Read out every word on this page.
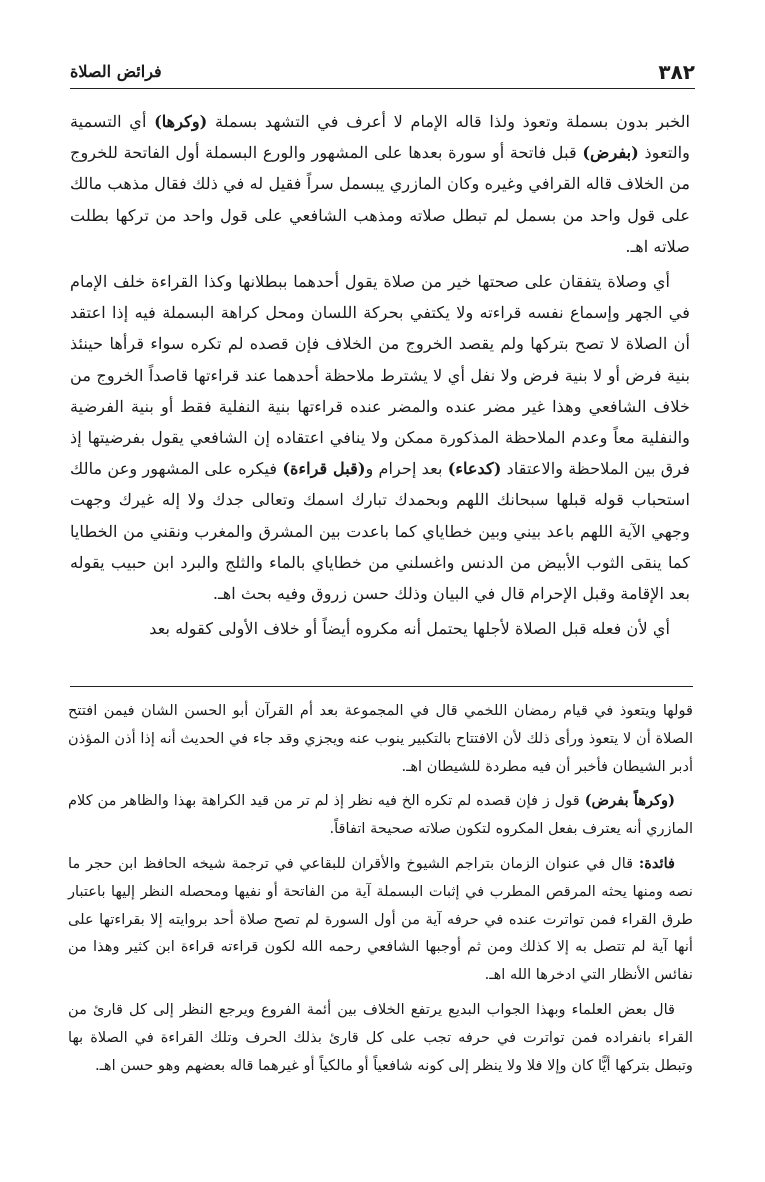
٣٨٢
فرائض الصلاة

الخبر بدون بسملة وتعوذ ولذا قاله الإمام لا أعرف في التشهد بسملة (وكرها) أي التسمية والتعوذ (بفرض) قبل فاتحة أو سورة بعدها على المشهور والورع البسملة أول الفاتحة للخروج من الخلاف قاله القرافي وغيره وكان المازري يبسمل سراً فقيل له في ذلك فقال مذهب مالك على قول واحد من بسمل لم تبطل صلاته ومذهب الشافعي على قول واحد من تركها بطلت صلاته اهـ.

أي وصلاة يتفقان على صحتها خير من صلاة يقول أحدهما ببطلانها وكذا القراءة خلف الإمام في الجهر وإسماع نفسه قراءته ولا يكتفي بحركة اللسان ومحل كراهة البسملة فيه إذا اعتقد أن الصلاة لا تصح بتركها ولم يقصد الخروج من الخلاف فإن قصده لم تكره سواء قرأها حينئذ بنية فرض أو لا بنية فرض ولا نفل أي لا يشترط ملاحظة أحدهما عند قراءتها قاصداً الخروج من خلاف الشافعي وهذا غير مضر عنده والمضر عنده قراءتها بنية النفلية فقط أو بنية الفرضية والنفلية معاً وعدم الملاحظة المذكورة ممكن ولا ينافي اعتقاده إن الشافعي يقول بفرضيتها إذ فرق بين الملاحظة والاعتقاد (كدعاء) بعد إحرام و(قبل قراءة) فيكره على المشهور وعن مالك استحباب قوله قبلها سبحانك اللهم وبحمدك تبارك اسمك وتعالى جدك ولا إله غيرك وجهت وجهي الآية اللهم باعد بيني وبين خطاياي كما باعدت بين المشرق والمغرب ونقني من الخطايا كما ينقى الثوب الأبيض من الدنس واغسلني من خطاياي بالماء والثلج والبرد ابن حبيب يقوله بعد الإقامة وقبل الإحرام قال في البيان وذلك حسن زروق وفيه بحث اهـ.

أي لأن فعله قبل الصلاة لأجلها يحتمل أنه مكروه أيضاً أو خلاف الأولى كقوله بعد

قولها ويتعوذ في قيام رمضان اللخمي قال في المجموعة بعد أم القرآن أبو الحسن الشان فيمن افتتح الصلاة أن لا يتعوذ ورأى ذلك لأن الافتتاح بالتكبير ينوب عنه ويجزي وقد جاء في الحديث أنه إذا أذن المؤذن أدبر الشيطان فأخبر أن فيه مطردة للشيطان اهـ.

(وكرهاً بفرض) قول ز فإن قصده لم تكره الخ فيه نظر إذ لم تر من قيد الكراهة بهذا والظاهر من كلام المازري أنه يعترف بفعل المكروه لتكون صلاته صحيحة اتفاقاً.

فائدة: قال في عنوان الزمان بتراجم الشيوخ والأقران للبقاعي في ترجمة شيخه الحافظ ابن حجر ما نصه ومنها يحثه المرقص المطرب في إثبات البسملة آية من الفاتحة أو نفيها ومحصله النظر إليها باعتبار طرق القراء فمن تواترت عنده في حرفه آية من أول السورة لم تصح صلاة أحد بروايته إلا بقراءتها على أنها آية لم تتصل به إلا كذلك ومن ثم أوجبها الشافعي رحمه الله لكون قراءته قراءة ابن كثير وهذا من نفائس الأنظار التي ادخرها الله اهـ.

قال بعض العلماء وبهذا الجواب البديع يرتفع الخلاف بين أئمة الفروع ويرجع النظر إلى كل قارئ من القراء بانفراده فمن تواترت في حرفه تجب على كل قارئ بذلك الحرف وتلك القراءة في الصلاة بها وتبطل بتركها أيًّا كان وإلا فلا ولا ينظر إلى كونه شافعياً أو مالكياً أو غيرهما قاله بعضهم وهو حسن اهـ.
